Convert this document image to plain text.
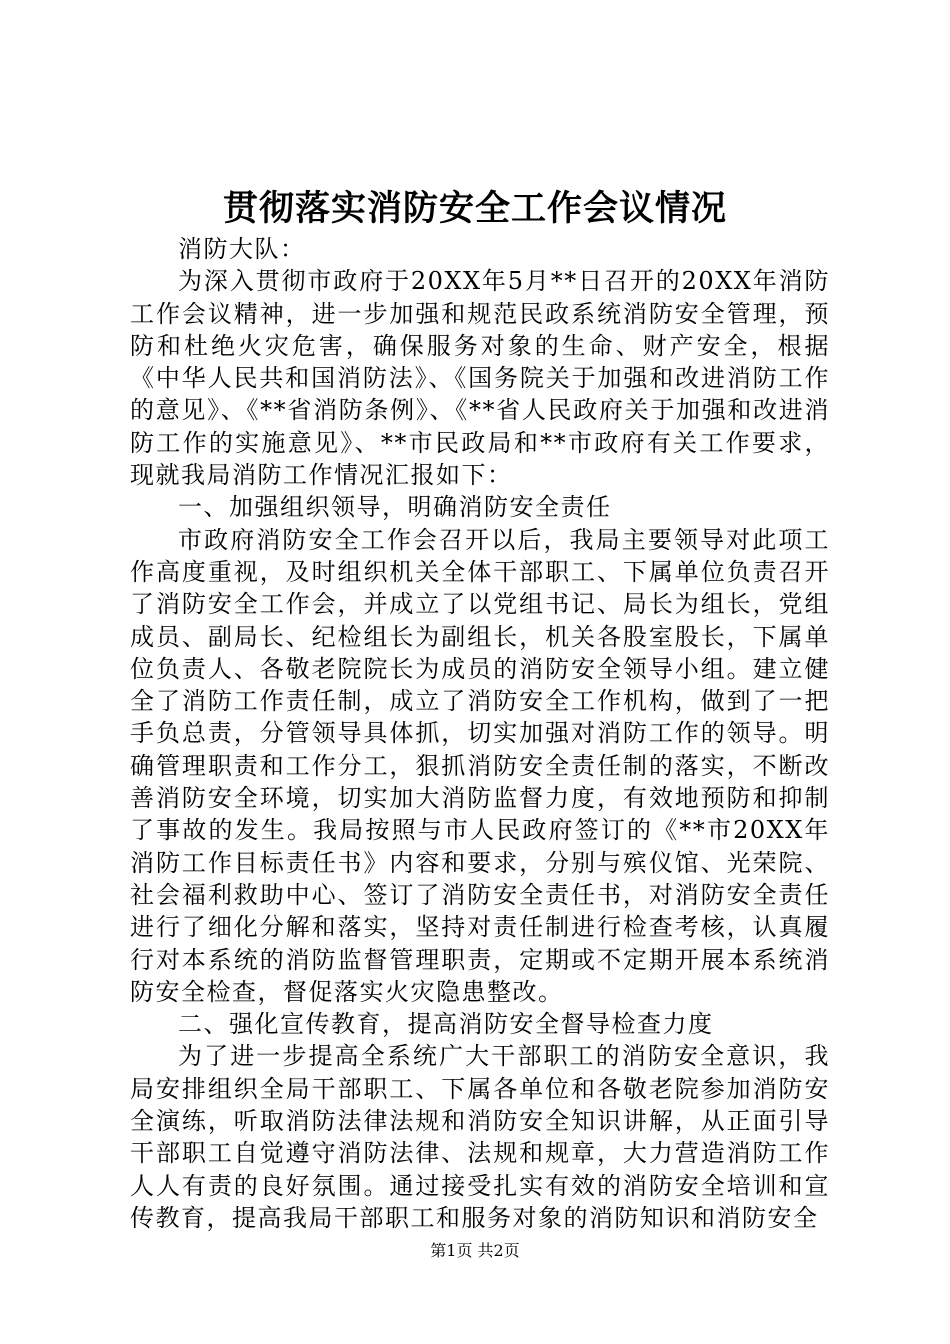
贯彻落实消防安全工作会议情况

消防大队：

为深入贯彻市政府于20XX年5月**日召开的20XX年消防工作会议精神，进一步加强和规范民政系统消防安全管理，预防和杜绝火灾危害，确保服务对象的生命、财产安全，根据《中华人民共和国消防法》、《国务院关于加强和改进消防工作的意见》、《**省消防条例》、《**省人民政府关于加强和改进消防工作的实施意见》、**市民政局和**市政府有关工作要求，现就我局消防工作情况汇报如下：

一、加强组织领导，明确消防安全责任

市政府消防安全工作会召开以后，我局主要领导对此项工作高度重视，及时组织机关全体干部职工、下属单位负责召开了消防安全工作会，并成立了以党组书记、局长为组长，党组成员、副局长、纪检组长为副组长，机关各股室股长，下属单位负责人、各敬老院院长为成员的消防安全领导小组。建立健全了消防工作责任制，成立了消防安全工作机构，做到了一把手负总责，分管领导具体抓，切实加强对消防工作的领导。明确管理职责和工作分工，狠抓消防安全责任制的落实，不断改善消防安全环境，切实加大消防监督力度，有效地预防和抑制了事故的发生。我局按照与市人民政府签订的《**市20XX年消防工作目标责任书》内容和要求，分别与殡仪馆、光荣院、社会福利救助中心、签订了消防安全责任书，对消防安全责任进行了细化分解和落实，坚持对责任制进行检查考核，认真履行对本系统的消防监督管理职责，定期或不定期开展本系统消防安全检查，督促落实火灾隐患整改。

二、强化宣传教育，提高消防安全督导检查力度

为了进一步提高全系统广大干部职工的消防安全意识，我局安排组织全局干部职工、下属各单位和各敬老院参加消防安全演练，听取消防法律法规和消防安全知识讲解，从正面引导干部职工自觉遵守消防法律、法规和规章，大力营造消防工作人人有责的良好氛围。通过接受扎实有效的消防安全培训和宣传教育，提高我局干部职工和服务对象的消防知识和消防安全

第1页 共2页
